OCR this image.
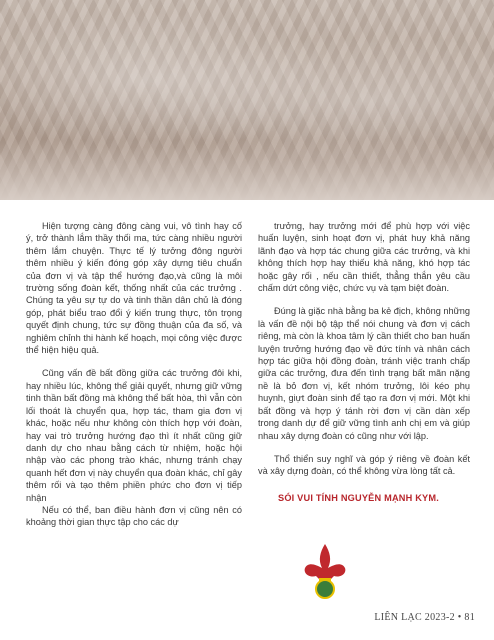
Hiện tượng càng đông càng vui, vô tình hay cố ý, trở thành lắm thầy thối ma, tức càng nhiều người thêm lắm chuyện. Thực tế lý tưởng đông người thêm nhiều ý kiến đóng góp xây dựng tiêu chuẩn của đơn vị và tập thể hướng đạo,và cũng là môi trường sống đoàn kết, thống nhất của các trưởng . Chúng ta yêu sự tự do và tinh thần dân chủ là đóng góp, phát biểu trao đổi ý kiến trung thực, tôn trọng quyết định chung, tức sự đồng thuận của đa số, và nghiêm chỉnh thi hành kế hoạch, mọi công việc được thể hiện hiệu quả.

Cũng vấn đề bất đồng giữa các trưởng đôi khi, hay nhiều lúc, không thể giải quyết, nhưng giữ vững tinh thần bất đồng mà không thể bất hòa, thì vẫn còn lối thoát là chuyển qua, hợp tác, tham gia đơn vị khác, hoặc nếu như không còn thích hợp với đoàn, hay vai trò trưởng hướng đạo thì ít nhất cũng giữ danh dự cho nhau bằng cách từ nhiệm, hoặc hội nhập vào các phong trào khác, nhưng tránh chạy quanh hết đơn vị này chuyển qua đoàn khác, chỉ gây thêm rối và tạo thêm phiền phức cho đơn vị tiếp nhận

Nếu có thể, ban điều hành đơn vị cũng nên có khoảng thời gian thực tập cho các dự

trưởng, hay trưởng mới để phù hợp với việc huấn luyện, sinh hoạt đơn vị, phát huy khả năng lãnh đạo và hợp tác chung giữa các trưởng, và khi không thích hợp hay thiếu khả năng, khó hợp tác hoặc gây rối , nếu cần thiết, thẳng thắn yêu cầu chấm dứt công việc, chức vụ và tạm biệt đoàn.

Đúng là giặc nhà bằng ba kẻ địch, không những là vấn đề nội bộ tập thể nói chung và đơn vị cách riêng, mà còn là khoa tâm lý cần thiết cho ban huấn luyện trưởng hướng đạo về đức tính và nhân cách hợp tác giữa hội đồng đoàn, tránh việc tranh chấp giữa các trưởng, đưa đến tình trạng bất mãn nặng nề là bỏ đơn vị, kết nhóm trưởng, lôi kéo phụ huynh, giựt đoàn sinh để tạo ra đơn vị mới. Một khi bất đồng và hợp ý tánh rời đơn vị cần dàn xếp trong danh dự để giữ vững tình anh chị em và giúp nhau xây dựng đoàn có cũng như với lập.

Thổ thiển suy nghĩ và góp ý riêng về đoàn kết và xây dựng đoàn, có thể không vừa lòng tất cả.

SÓI VUI TÍNH NGUYỄN MẠNH KYM.

LIÊN LẠC 2023-2 • 81
